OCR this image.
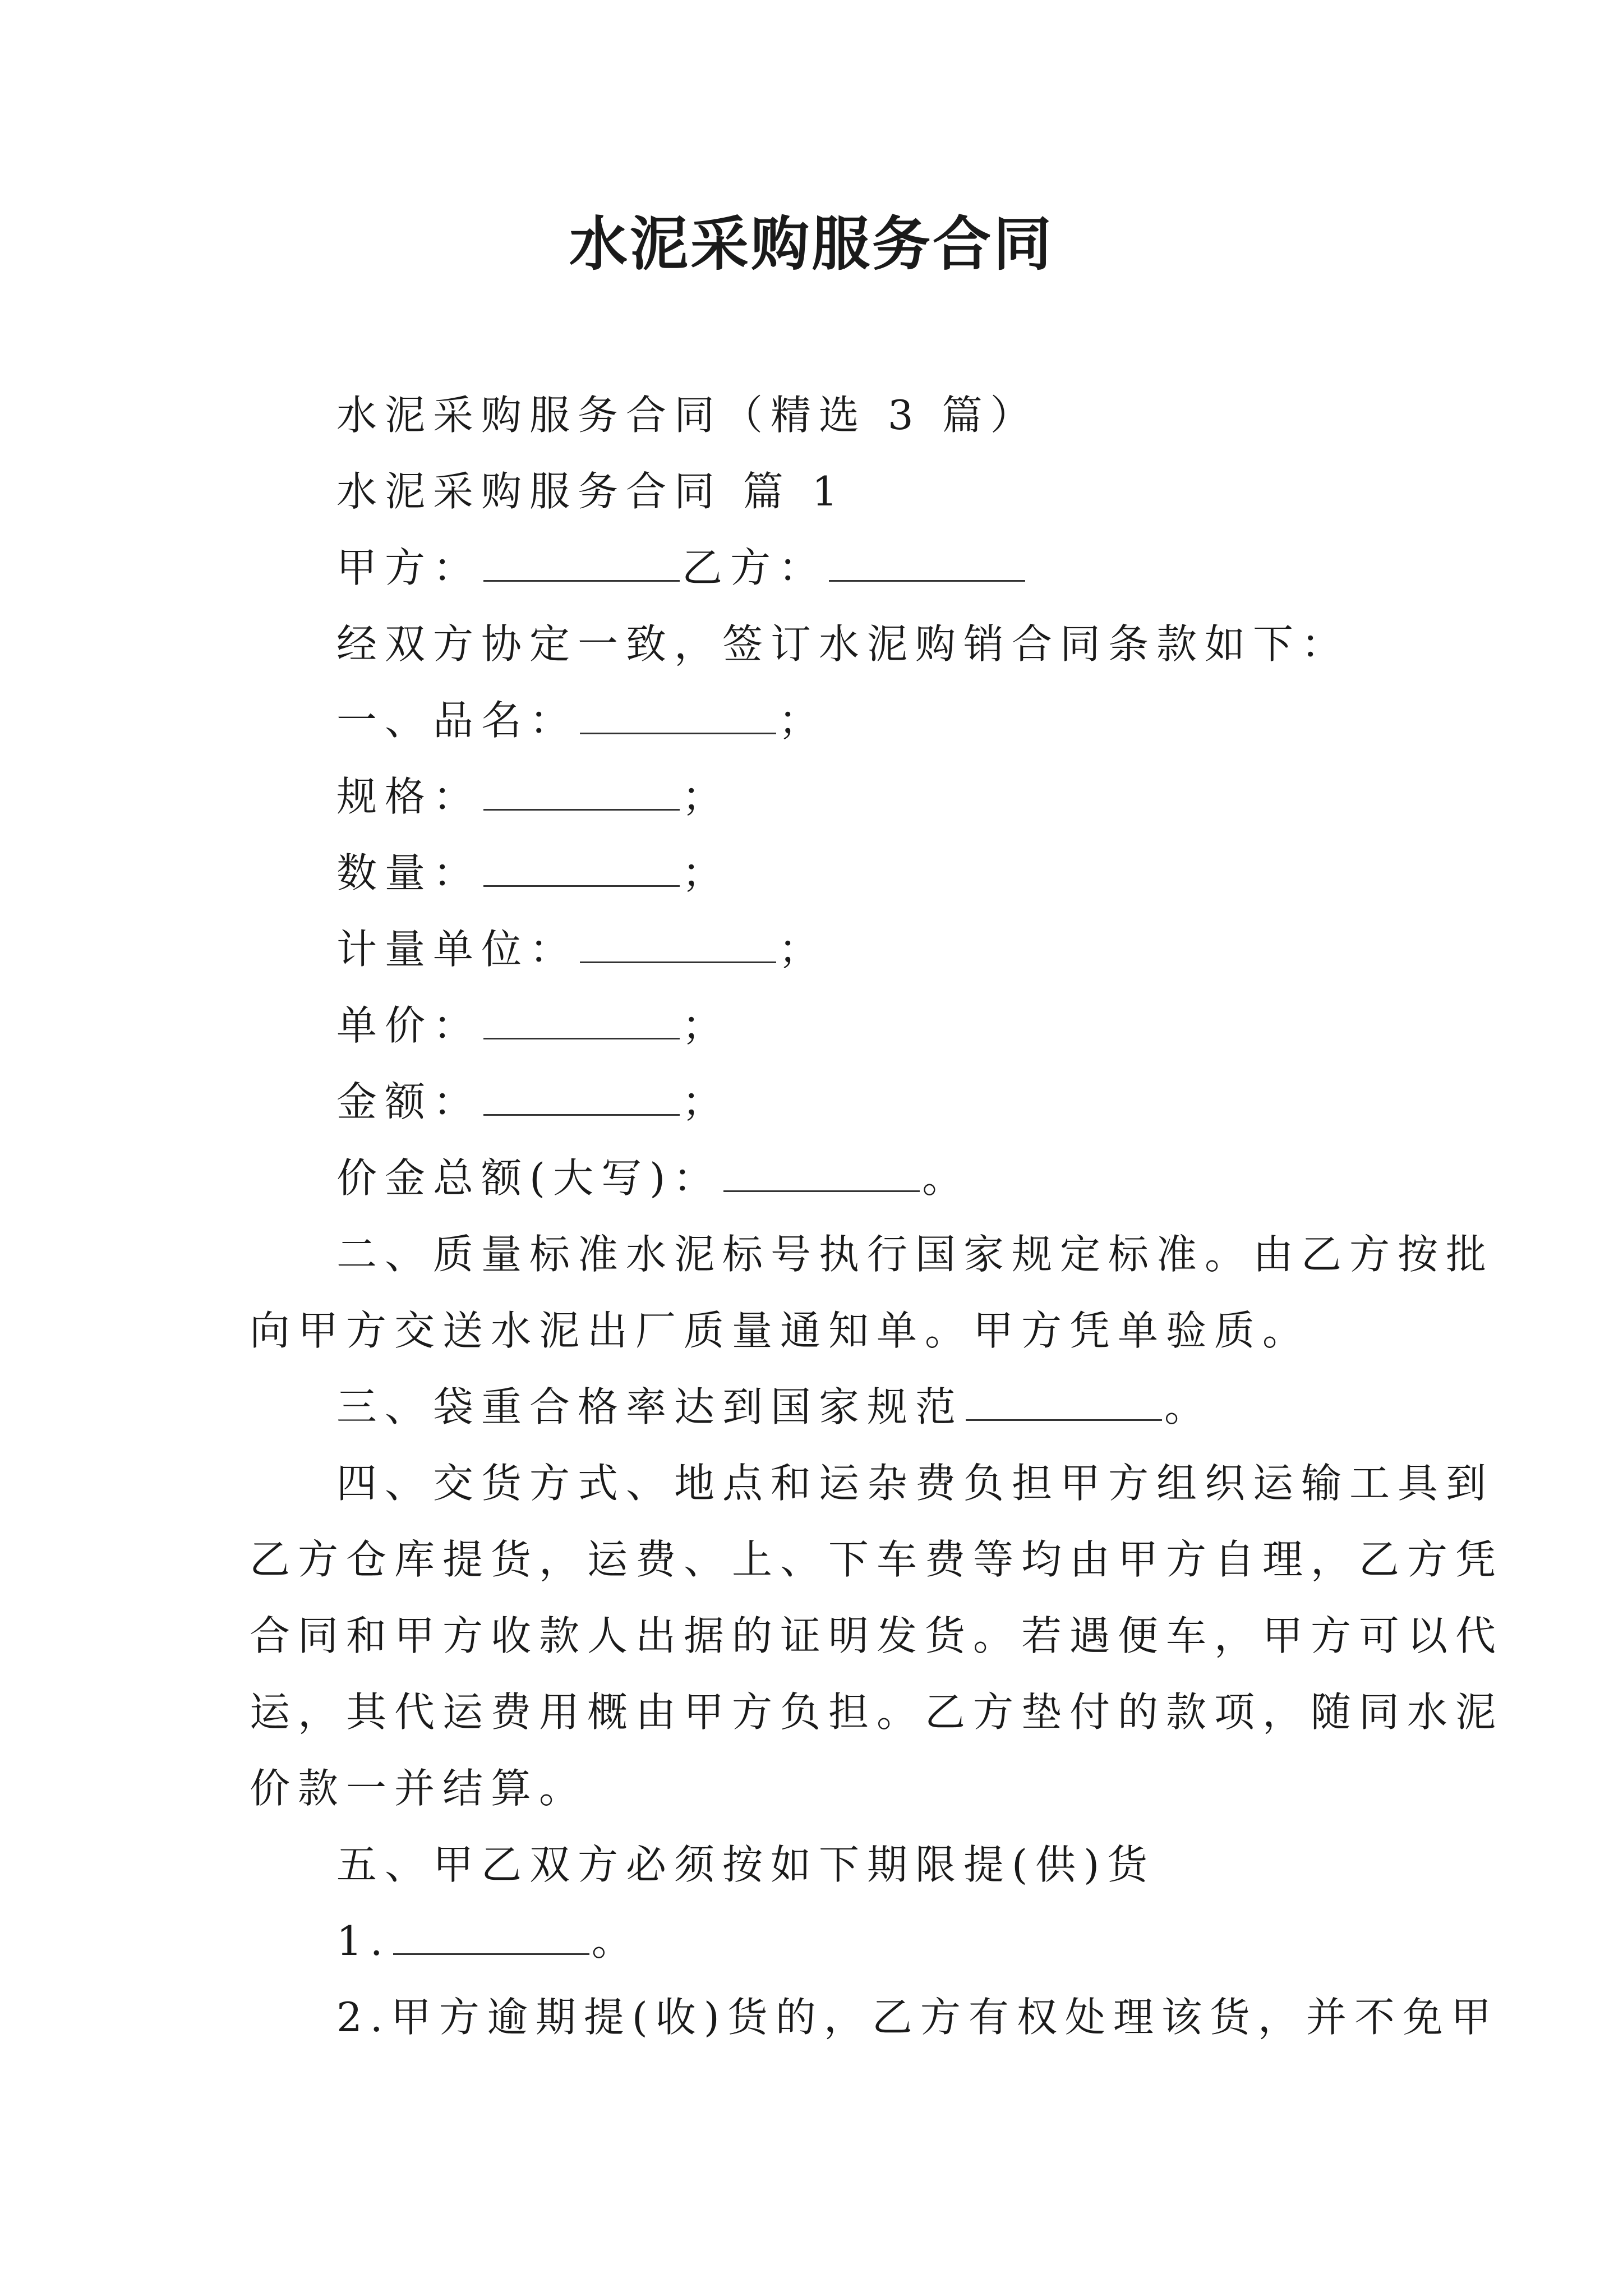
水泥采购服务合同
水泥采购服务合同（精选 3 篇）
水泥采购服务合同 篇 1
甲方：	乙方：
经双方协定一致，签订水泥购销合同条款如下：
一、品名：	；
规格：	；
数量：	；
计量单位：	；
单价：	；
金额：	；
价金总额(大写)：	。
二、质量标准水泥标号执行国家规定标准。由乙方按批
向甲方交送水泥出厂质量通知单。甲方凭单验质。
三、袋重合格率达到国家规范	。
四、交货方式、地点和运杂费负担甲方组织运输工具到
乙方仓库提货，运费、上、下车费等均由甲方自理，乙方凭
合同和甲方收款人出据的证明发货。若遇便车，甲方可以代
运，其代运费用概由甲方负担。乙方垫付的款项，随同水泥
价款一并结算。
五、甲乙双方必须按如下期限提(供)货
1.	。
2.甲方逾期提(收)货的，乙方有权处理该货，并不免甲
